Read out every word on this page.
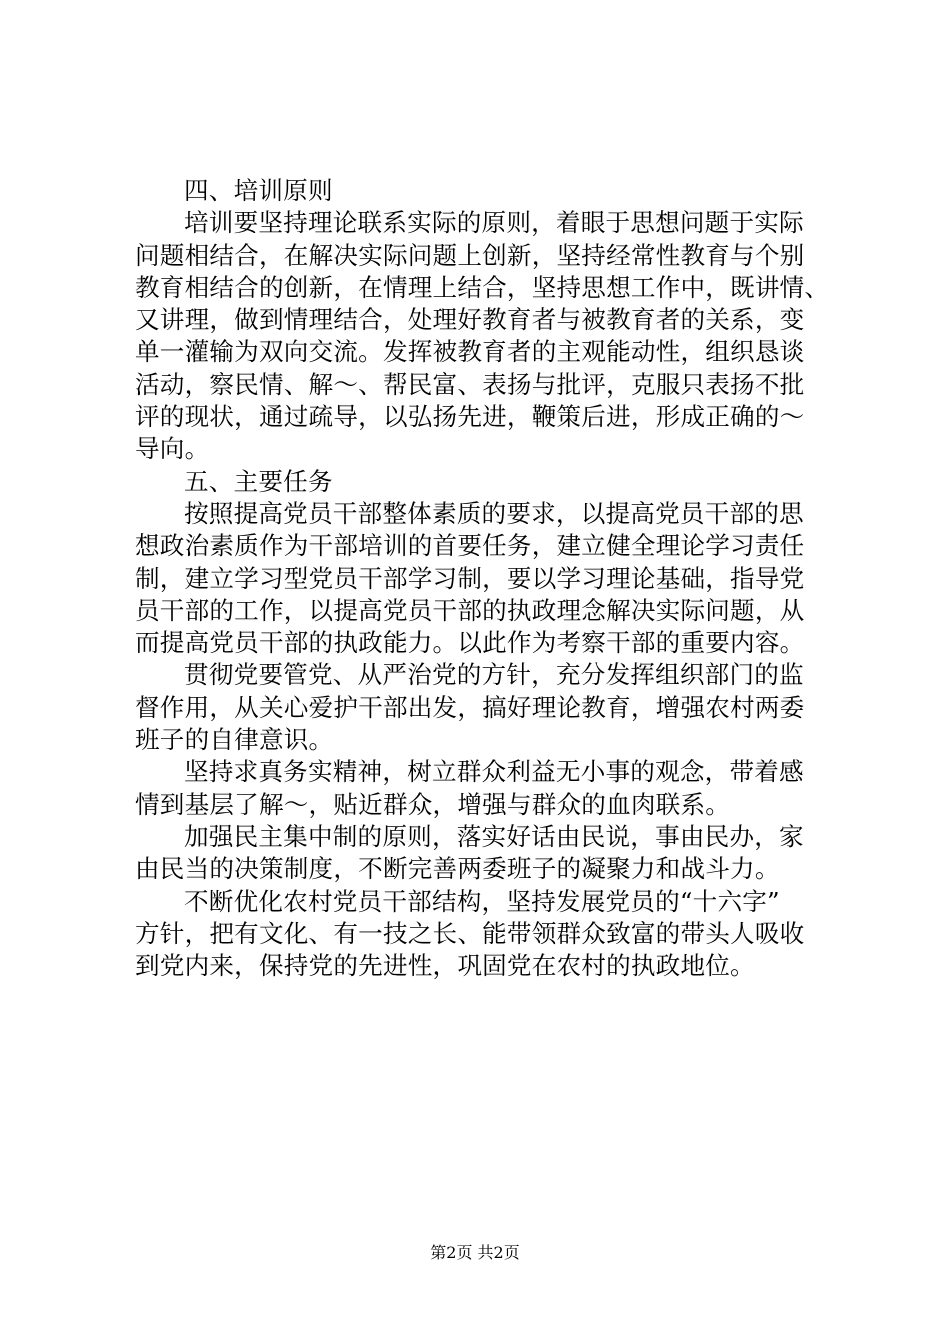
四、培训原则
培训要坚持理论联系实际的原则，着眼于思想问题于实际
问题相结合，在解决实际问题上创新，坚持经常性教育与个别
教育相结合的创新，在情理上结合，坚持思想工作中，既讲情、
又讲理，做到情理结合，处理好教育者与被教育者的关系，变
单一灌输为双向交流。发挥被教育者的主观能动性，组织恳谈
活动，察民情、解～、帮民富、表扬与批评，克服只表扬不批
评的现状，通过疏导，以弘扬先进，鞭策后进，形成正确的～
导向。
五、主要任务
按照提高党员干部整体素质的要求，以提高党员干部的思
想政治素质作为干部培训的首要任务，建立健全理论学习责任
制，建立学习型党员干部学习制，要以学习理论基础，指导党
员干部的工作，以提高党员干部的执政理念解决实际问题，从
而提高党员干部的执政能力。以此作为考察干部的重要内容。
贯彻党要管党、从严治党的方针，充分发挥组织部门的监
督作用，从关心爱护干部出发，搞好理论教育，增强农村两委
班子的自律意识。
坚持求真务实精神，树立群众利益无小事的观念，带着感
情到基层了解～，贴近群众，增强与群众的血肉联系。
加强民主集中制的原则，落实好话由民说，事由民办，家
由民当的决策制度，不断完善两委班子的凝聚力和战斗力。
不断优化农村党员干部结构，坚持发展党员的“十六字”
方针，把有文化、有一技之长、能带领群众致富的带头人吸收
到党内来，保持党的先进性，巩固党在农村的执政地位。
第2页 共2页
